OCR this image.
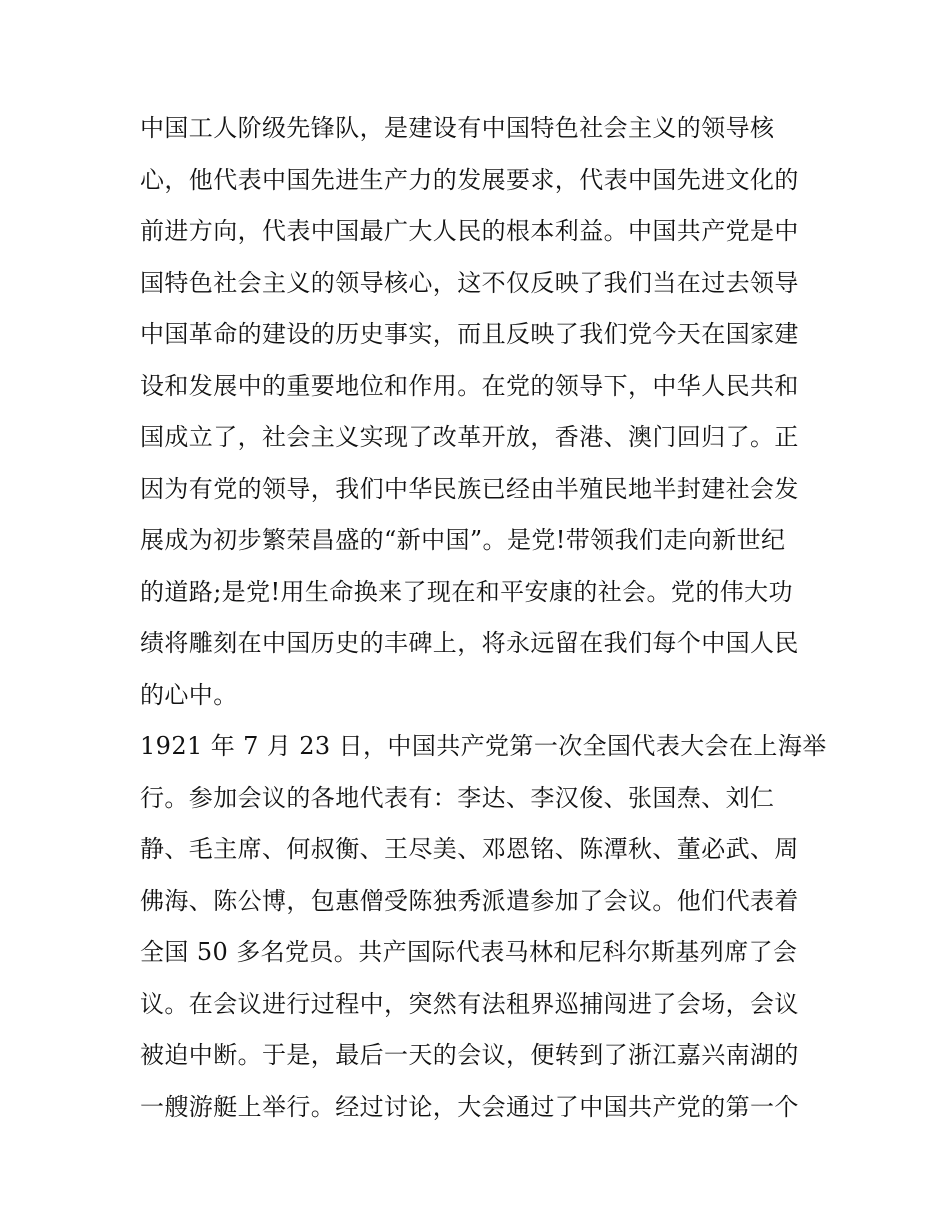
中国工人阶级先锋队，是建设有中国特色社会主义的领导核
心，他代表中国先进生产力的发展要求，代表中国先进文化的
前进方向，代表中国最广大人民的根本利益。中国共产党是中
国特色社会主义的领导核心，这不仅反映了我们当在过去领导
中国革命的建设的历史事实，而且反映了我们党今天在国家建
设和发展中的重要地位和作用。在党的领导下，中华人民共和
国成立了，社会主义实现了改革开放，香港、澳门回归了。正
因为有党的领导，我们中华民族已经由半殖民地半封建社会发
展成为初步繁荣昌盛的“新中国”。是党!带领我们走向新世纪
的道路;是党!用生命换来了现在和平安康的社会。党的伟大功
绩将雕刻在中国历史的丰碑上，将永远留在我们每个中国人民
的心中。
1921 年 7 月 23 日，中国共产党第一次全国代表大会在上海举
行。参加会议的各地代表有：李达、李汉俊、张国焘、刘仁
静、毛主席、何叔衡、王尽美、邓恩铭、陈潭秋、董必武、周
佛海、陈公博，包惠僧受陈独秀派遣参加了会议。他们代表着
全国 50 多名党员。共产国际代表马林和尼科尔斯基列席了会
议。在会议进行过程中，突然有法租界巡捕闯进了会场，会议
被迫中断。于是，最后一天的会议，便转到了浙江嘉兴南湖的
一艘游艇上举行。经过讨论，大会通过了中国共产党的第一个
